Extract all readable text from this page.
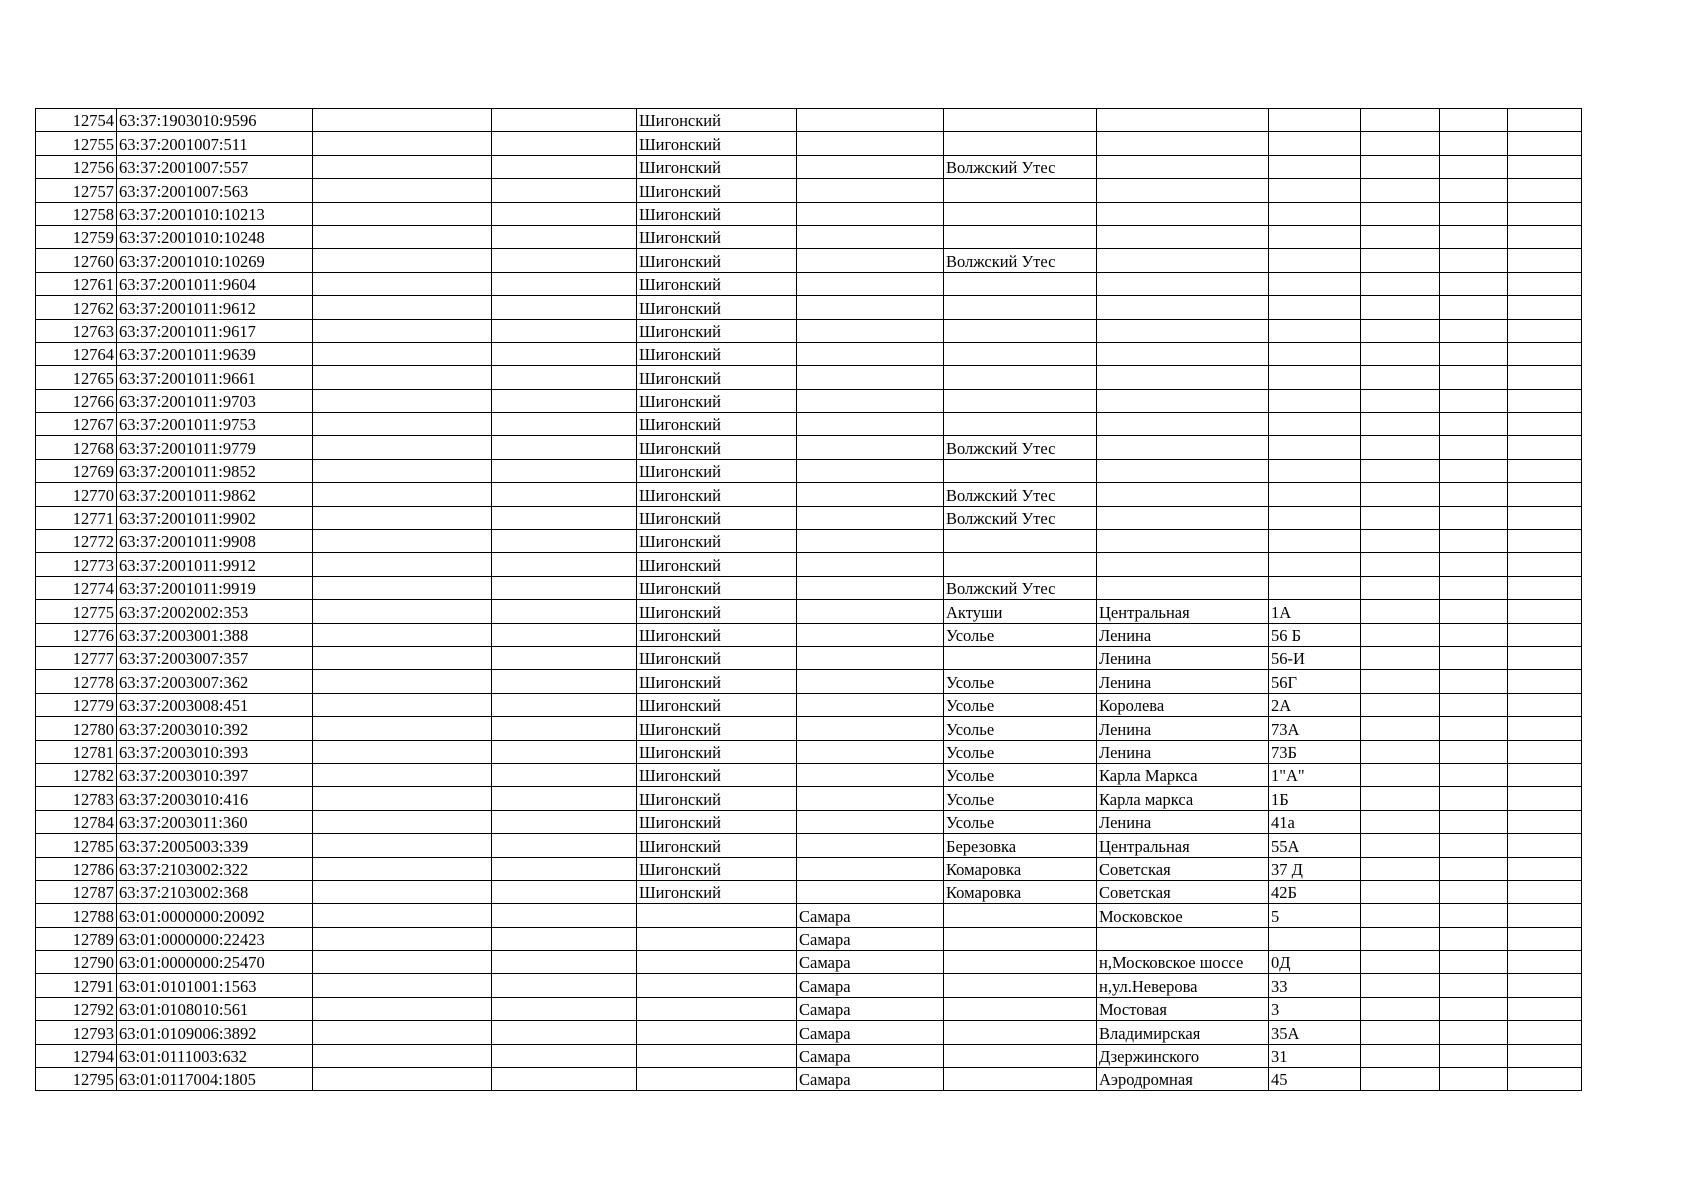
12754	63:37:1903010:9596			Шигонский							
12755	63:37:2001007:511			Шигонский							
12756	63:37:2001007:557			Шигонский		Волжский Утес					
12757	63:37:2001007:563			Шигонский							
12758	63:37:2001010:10213			Шигонский							
12759	63:37:2001010:10248			Шигонский							
12760	63:37:2001010:10269			Шигонский		Волжский Утес					
12761	63:37:2001011:9604			Шигонский							
12762	63:37:2001011:9612			Шигонский							
12763	63:37:2001011:9617			Шигонский							
12764	63:37:2001011:9639			Шигонский							
12765	63:37:2001011:9661			Шигонский							
12766	63:37:2001011:9703			Шигонский							
12767	63:37:2001011:9753			Шигонский							
12768	63:37:2001011:9779			Шигонский		Волжский Утес					
12769	63:37:2001011:9852			Шигонский							
12770	63:37:2001011:9862			Шигонский		Волжский Утес					
12771	63:37:2001011:9902			Шигонский		Волжский Утес					
12772	63:37:2001011:9908			Шигонский							
12773	63:37:2001011:9912			Шигонский							
12774	63:37:2001011:9919			Шигонский		Волжский Утес					
12775	63:37:2002002:353			Шигонский		Актуши	Центральная	1А			
12776	63:37:2003001:388			Шигонский		Усолье	Ленина	56 Б			
12777	63:37:2003007:357			Шигонский			Ленина	56-И			
12778	63:37:2003007:362			Шигонский		Усолье	Ленина	56Г			
12779	63:37:2003008:451			Шигонский		Усолье	Королева	2А			
12780	63:37:2003010:392			Шигонский		Усолье	Ленина	73А			
12781	63:37:2003010:393			Шигонский		Усолье	Ленина	73Б			
12782	63:37:2003010:397			Шигонский		Усолье	Карла Маркса	1"А"			
12783	63:37:2003010:416			Шигонский		Усолье	Карла маркса	1Б			
12784	63:37:2003011:360			Шигонский		Усолье	Ленина	41а			
12785	63:37:2005003:339			Шигонский		Березовка	Центральная	55А			
12786	63:37:2103002:322			Шигонский		Комаровка	Советская	37 Д			
12787	63:37:2103002:368			Шигонский		Комаровка	Советская	42Б			
12788	63:01:0000000:20092				Самара		Московское	5			
12789	63:01:0000000:22423				Самара						
12790	63:01:0000000:25470				Самара		н,Московское шоссе	0Д			
12791	63:01:0101001:1563				Самара		н,ул.Неверова	33			
12792	63:01:0108010:561				Самара		Мостовая	3			
12793	63:01:0109006:3892				Самара		Владимирская	35А			
12794	63:01:0111003:632				Самара		Дзержинского	31			
12795	63:01:0117004:1805				Самара		Аэродромная	45			
